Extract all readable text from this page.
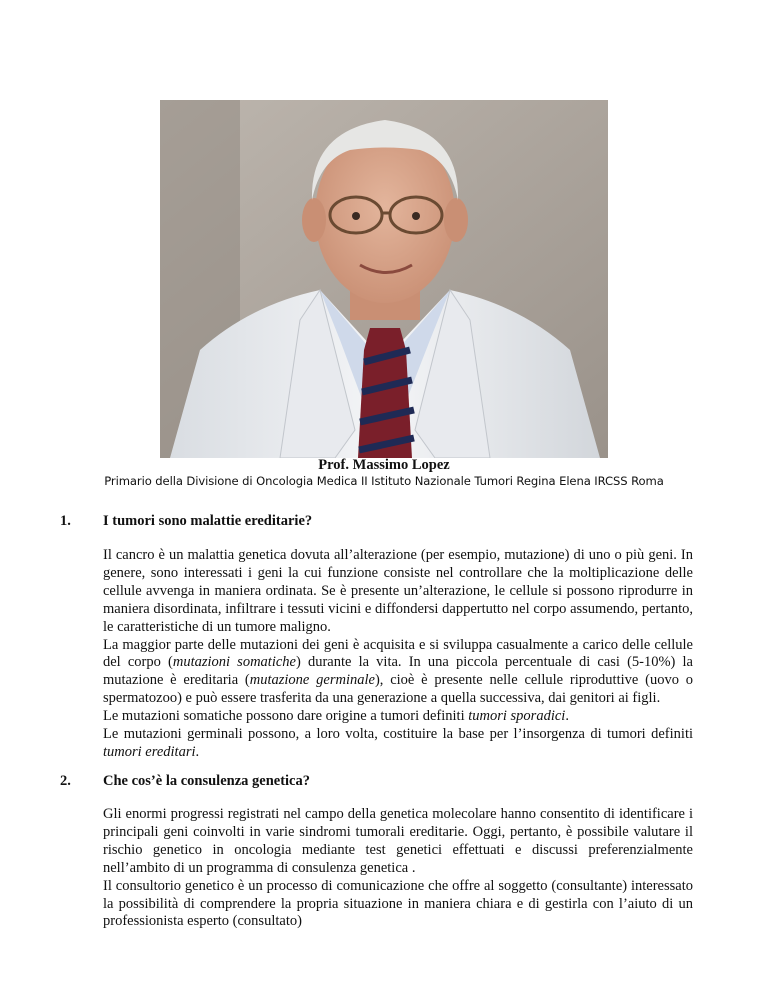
Prof. Massimo Lopez
Primario della Divisione di Oncologia Medica II Istituto Nazionale Tumori Regina Elena IRCSS Roma
1. I tumori sono malattie ereditarie?

Il cancro è un malattia genetica dovuta all’alterazione (per esempio, mutazione) di uno o più geni. In genere, sono interessati i geni la cui funzione consiste nel controllare che la moltiplicazione delle cellule avvenga in maniera ordinata. Se è presente un’alterazione, le cellule si possono riprodurre in maniera disordinata, infiltrare i tessuti vicini e diffondersi dappertutto nel corpo assumendo, pertanto, le caratteristiche di un tumore maligno.

La maggior parte delle mutazioni dei geni è acquisita e si sviluppa casualmente a carico delle cellule del corpo (mutazioni somatiche) durante la vita. In una piccola percentuale di casi (5-10%) la mutazione è ereditaria (mutazione germinale), cioè è presente nelle cellule riproduttive (uovo o spermatozoo) e può essere trasferita da una generazione a quella successiva, dai genitori ai figli.

Le mutazioni somatiche possono dare origine a tumori definiti tumori sporadici.

Le mutazioni germinali possono, a loro volta, costituire la base per l’insorgenza di tumori definiti tumori ereditari.

2. Che cos’è la consulenza genetica?

Gli enormi progressi registrati nel campo della genetica molecolare hanno consentito di identificare i principali geni coinvolti in varie sindromi tumorali ereditarie. Oggi, pertanto, è possibile valutare il rischio genetico in oncologia mediante test genetici effettuati e discussi preferenzialmente nell’ambito di un programma di consulenza genetica .

Il consultorio genetico è un processo di comunicazione che offre al soggetto (consultante) interessato la possibilità di comprendere la propria situazione in maniera chiara e di gestirla con l’aiuto di un professionista esperto (consultato)
